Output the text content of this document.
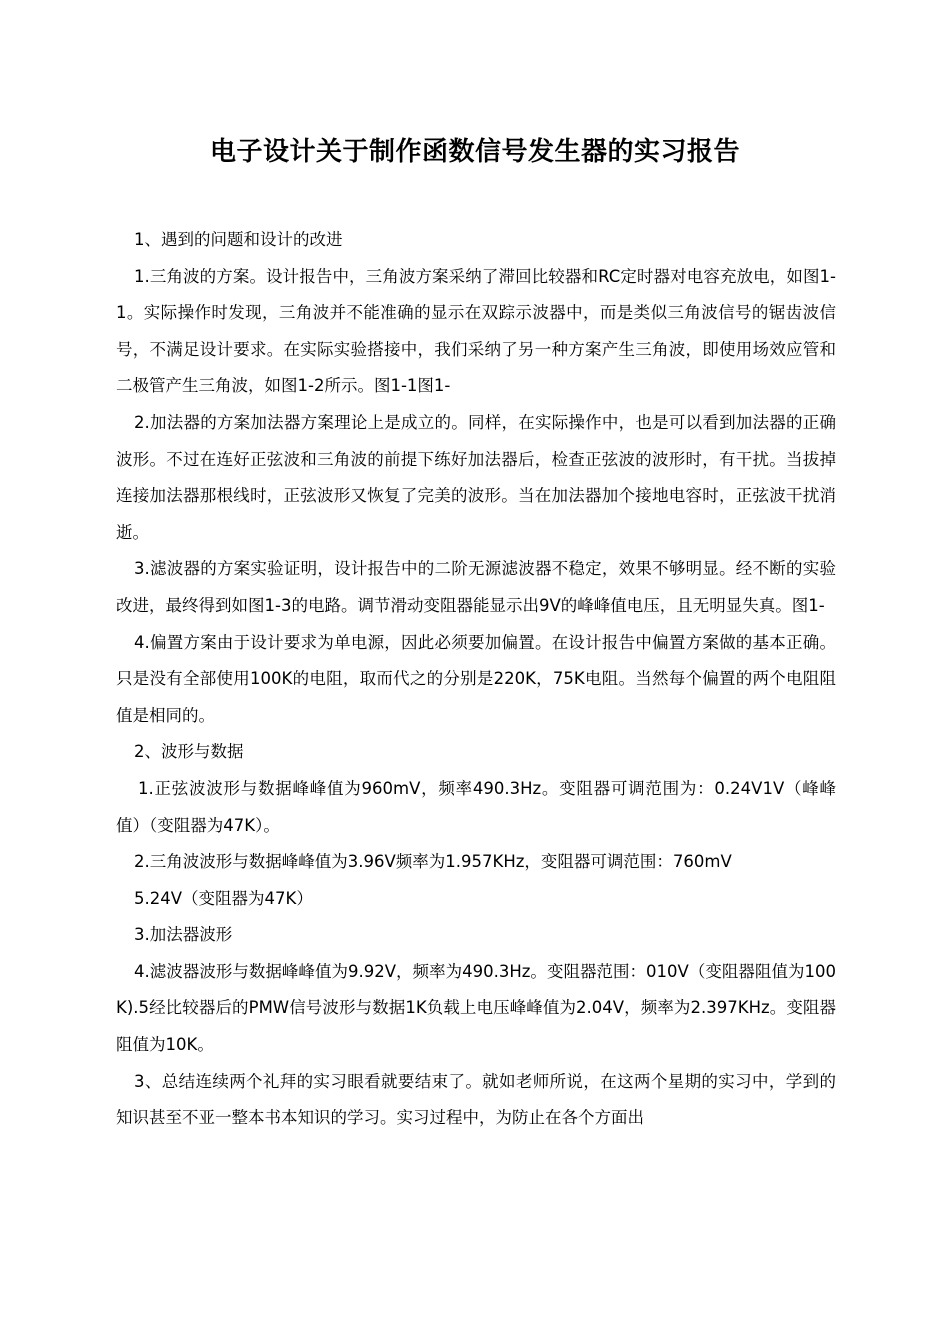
电子设计关于制作函数信号发生器的实习报告

1、遇到的问题和设计的改进

1.三角波的方案。设计报告中，三角波方案采纳了滞回比较器和RC定时器对电容充放电，如图1-1。实际操作时发现，三角波并不能准确的显示在双踪示波器中，而是类似三角波信号的锯齿波信号，不满足设计要求。在实际实验搭接中，我们采纳了另一种方案产生三角波，即使用场效应管和二极管产生三角波，如图1-2所示。图1-1图1-

2.加法器的方案加法器方案理论上是成立的。同样，在实际操作中，也是可以看到加法器的正确波形。不过在连好正弦波和三角波的前提下练好加法器后，检查正弦波的波形时，有干扰。当拔掉连接加法器那根线时，正弦波形又恢复了完美的波形。当在加法器加个接地电容时，正弦波干扰消逝。

3.滤波器的方案实验证明，设计报告中的二阶无源滤波器不稳定，效果不够明显。经不断的实验改进，最终得到如图1-3的电路。调节滑动变阻器能显示出9V的峰峰值电压，且无明显失真。图1-

4.偏置方案由于设计要求为单电源，因此必须要加偏置。在设计报告中偏置方案做的基本正确。只是没有全部使用100K的电阻，取而代之的分别是220K，75K电阻。当然每个偏置的两个电阻阻值是相同的。

2、波形与数据

1.正弦波波形与数据峰峰值为960mV，频率490.3Hz。变阻器可调范围为：0.24V1V（峰峰值）（变阻器为47K）。

2.三角波波形与数据峰峰值为3.96V频率为1.957KHz，变阻器可调范围：760mV

5.24V（变阻器为47K）

3.加法器波形

4.滤波器波形与数据峰峰值为9.92V，频率为490.3Hz。变阻器范围：010V（变阻器阻值为100K).5经比较器后的PMW信号波形与数据1K负载上电压峰峰值为2.04V，频率为2.397KHz。变阻器阻值为10K。

3、总结连续两个礼拜的实习眼看就要结束了。就如老师所说，在这两个星期的实习中，学到的知识甚至不亚一整本书本知识的学习。实习过程中，为防止在各个方面出
